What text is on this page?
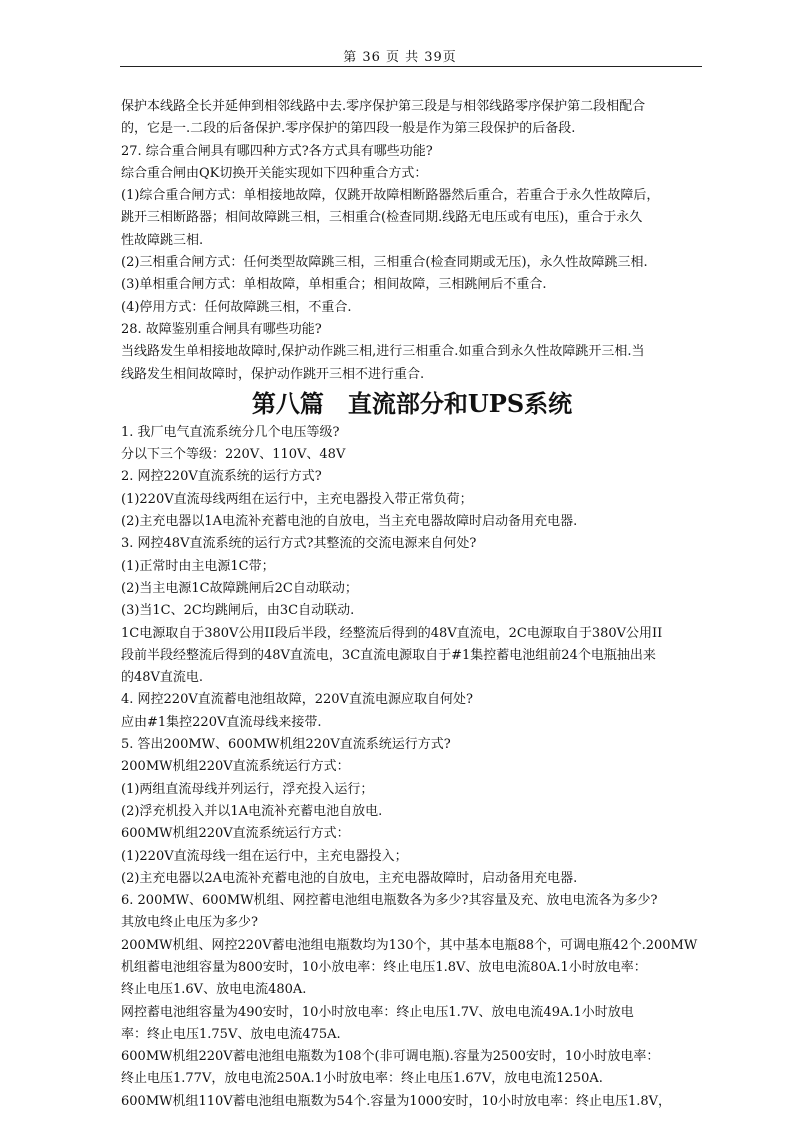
第 36 页 共 39页
保护本线路全长并延伸到相邻线路中去.零序保护第三段是与相邻线路零序保护第二段相配合
的，它是一.二段的后备保护.零序保护的第四段一般是作为第三段保护的后备段.
27. 综合重合闸具有哪四种方式?各方式具有哪些功能?
综合重合闸由QK切换开关能实现如下四种重合方式：
(1)综合重合闸方式：单相接地故障，仅跳开故障相断路器然后重合，若重合于永久性故障后，
跳开三相断路器；相间故障跳三相，三相重合(检查同期.线路无电压或有电压)，重合于永久
性故障跳三相.
(2)三相重合闸方式：任何类型故障跳三相，三相重合(检查同期或无压)，永久性故障跳三相.
(3)单相重合闸方式：单相故障，单相重合；相间故障，三相跳闸后不重合.
(4)停用方式：任何故障跳三相，不重合.
28. 故障鉴别重合闸具有哪些功能?
当线路发生单相接地故障时,保护动作跳三相,进行三相重合.如重合到永久性故障跳开三相.当
线路发生相间故障时，保护动作跳开三相不进行重合.
第八篇　直流部分和UPS系统
1. 我厂电气直流系统分几个电压等级?
分以下三个等级：220V、110V、48V
2. 网控220V直流系统的运行方式?
(1)220V直流母线两组在运行中，主充电器投入带正常负荷；
(2)主充电器以1A电流补充蓄电池的自放电，当主充电器故障时启动备用充电器.
3. 网控48V直流系统的运行方式?其整流的交流电源来自何处?
(1)正常时由主电源1C带；
(2)当主电源1C故障跳闸后2C自动联动；
(3)当1C、2C均跳闸后，由3C自动联动.
1C电源取自于380V公用II段后半段，经整流后得到的48V直流电，2C电源取自于380V公用II
段前半段经整流后得到的48V直流电，3C直流电源取自于#1集控蓄电池组前24个电瓶抽出来
的48V直流电.
4. 网控220V直流蓄电池组故障，220V直流电源应取自何处?
应由#1集控220V直流母线来接带.
5. 答出200MW、600MW机组220V直流系统运行方式?
200MW机组220V直流系统运行方式：
(1)两组直流母线并列运行，浮充投入运行；
(2)浮充机投入并以1A电流补充蓄电池自放电.
600MW机组220V直流系统运行方式：
(1)220V直流母线一组在运行中，主充电器投入；
(2)主充电器以2A电流补充蓄电池的自放电，主充电器故障时，启动备用充电器.
6. 200MW、600MW机组、网控蓄电池组电瓶数各为多少?其容量及充、放电电流各为多少?
其放电终止电压为多少?
200MW机组、网控220V蓄电池组电瓶数均为130个，其中基本电瓶88个，可调电瓶42个.200MW
机组蓄电池组容量为800安时，10小放电率：终止电压1.8V、放电电流80A.1小时放电率：
终止电压1.6V、放电电流480A.
网控蓄电池组容量为490安时，10小时放电率：终止电压1.7V、放电电流49A.1小时放电
率：终止电压1.75V、放电电流475A.
600MW机组220V蓄电池组电瓶数为108个(非可调电瓶).容量为2500安时，10小时放电率：
终止电压1.77V，放电电流250A.1小时放电率：终止电压1.67V，放电电流1250A.
600MW机组110V蓄电池组电瓶数为54个.容量为1000安时，10小时放电率：终止电压1.8V，
